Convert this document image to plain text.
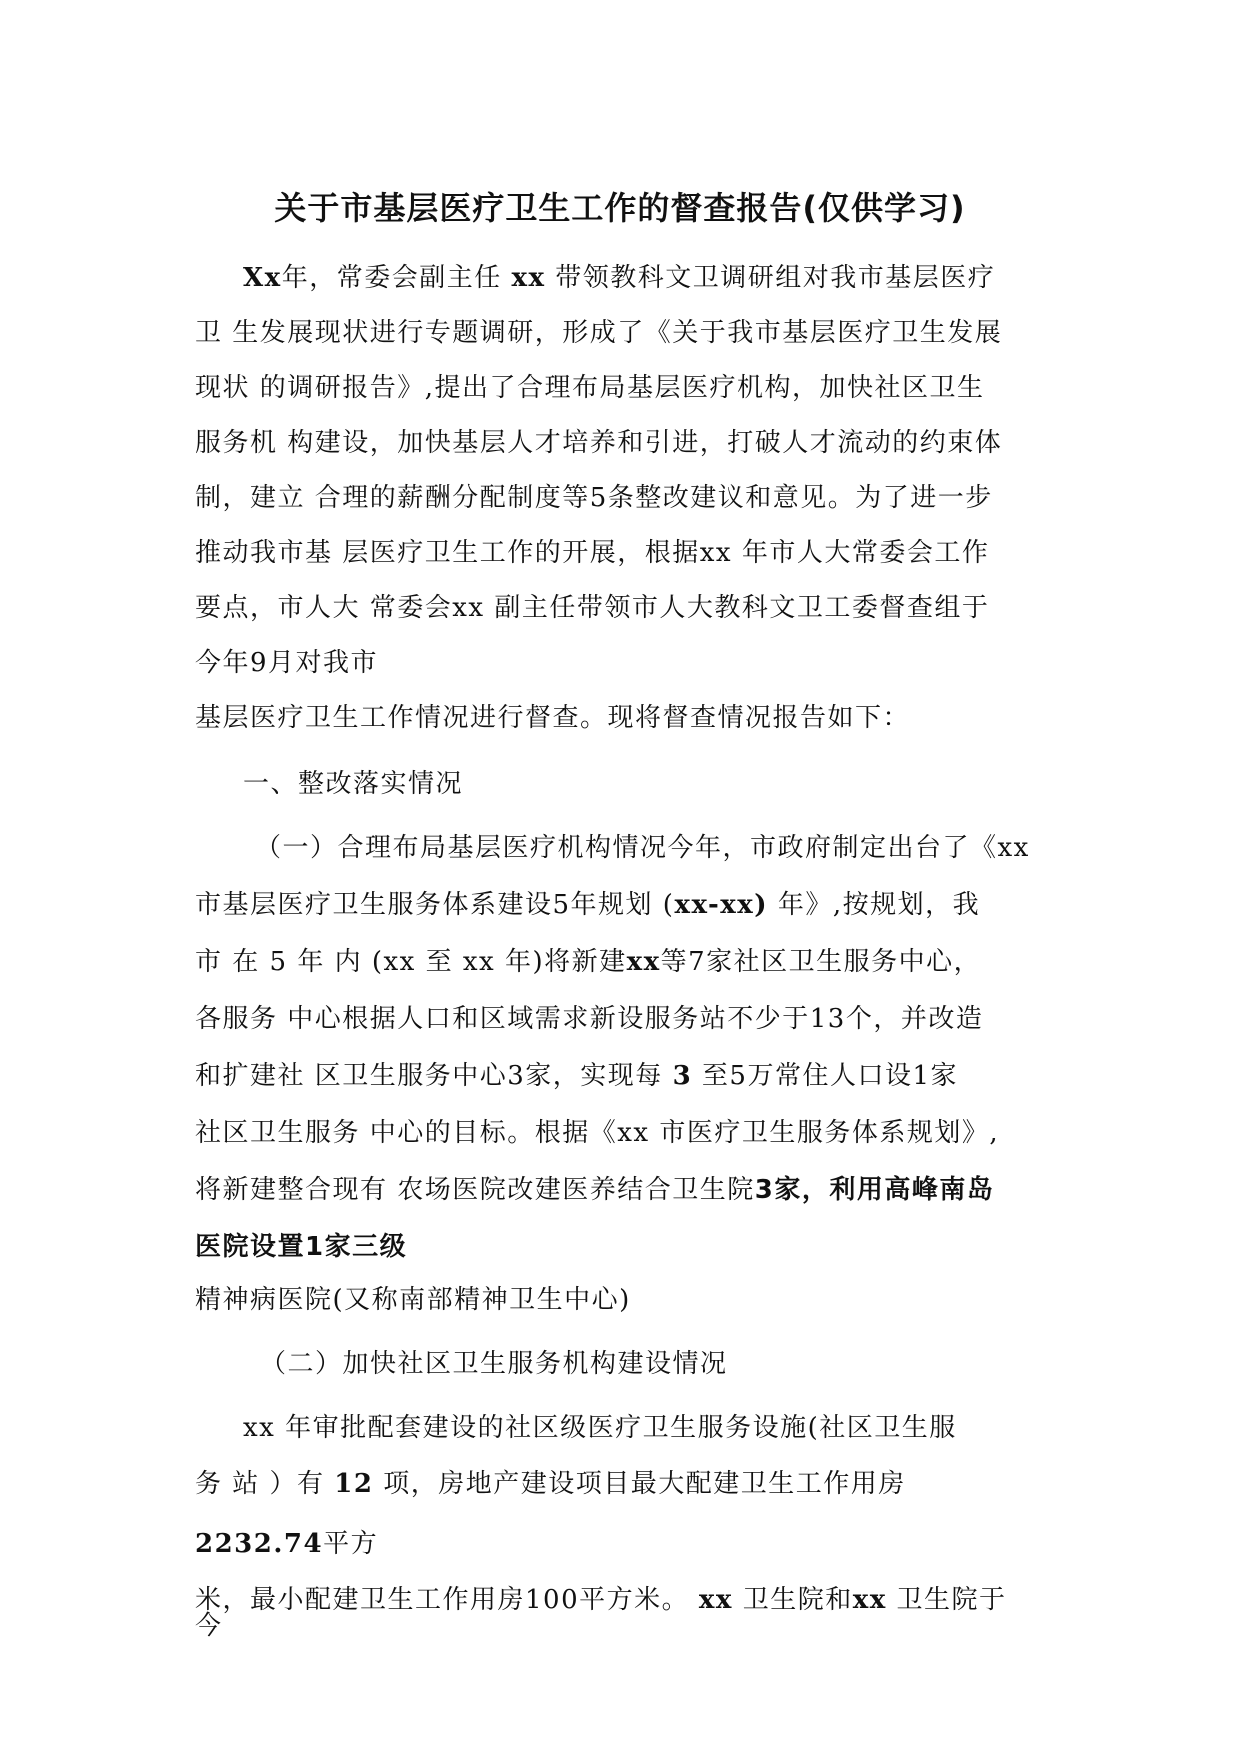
关于市基层医疗卫生工作的督查报告(仅供学习)
Xx年，常委会副主任 xx 带领教科文卫调研组对我市基层医疗
卫 生发展现状进行专题调研，形成了《关于我市基层医疗卫生发展
现状 的调研报告》,提出了合理布局基层医疗机构，加快社区卫生
服务机 构建设，加快基层人才培养和引进，打破人才流动的约束体
制，建立 合理的薪酬分配制度等5条整改建议和意见。为了进一步
推动我市基 层医疗卫生工作的开展，根据xx 年市人大常委会工作
要点，市人大 常委会xx 副主任带领市人大教科文卫工委督查组于
今年9月对我市
基层医疗卫生工作情况进行督查。现将督查情况报告如下：
一、整改落实情况
（一）合理布局基层医疗机构情况今年，市政府制定出台了《xx
市基层医疗卫生服务体系建设5年规划 (xx-xx) 年》,按规划，我
市 在 5 年 内 (xx 至 xx 年)将新建xx等7家社区卫生服务中心，
各服务 中心根据人口和区域需求新设服务站不少于13个，并改造
和扩建社 区卫生服务中心3家，实现每 3 至5万常住人口设1家
社区卫生服务 中心的目标。根据《xx 市医疗卫生服务体系规划》,
将新建整合现有 农场医院改建医养结合卫生院3家，利用高峰南岛
医院设置1家三级
精神病医院(又称南部精神卫生中心)
（二）加快社区卫生服务机构建设情况
xx 年审批配套建设的社区级医疗卫生服务设施(社区卫生服
务 站 ）有 12 项，房地产建设项目最大配建卫生工作用房
2232.74平方
米，最小配建卫生工作用房100平方米。 xx 卫生院和xx 卫生院于
今
